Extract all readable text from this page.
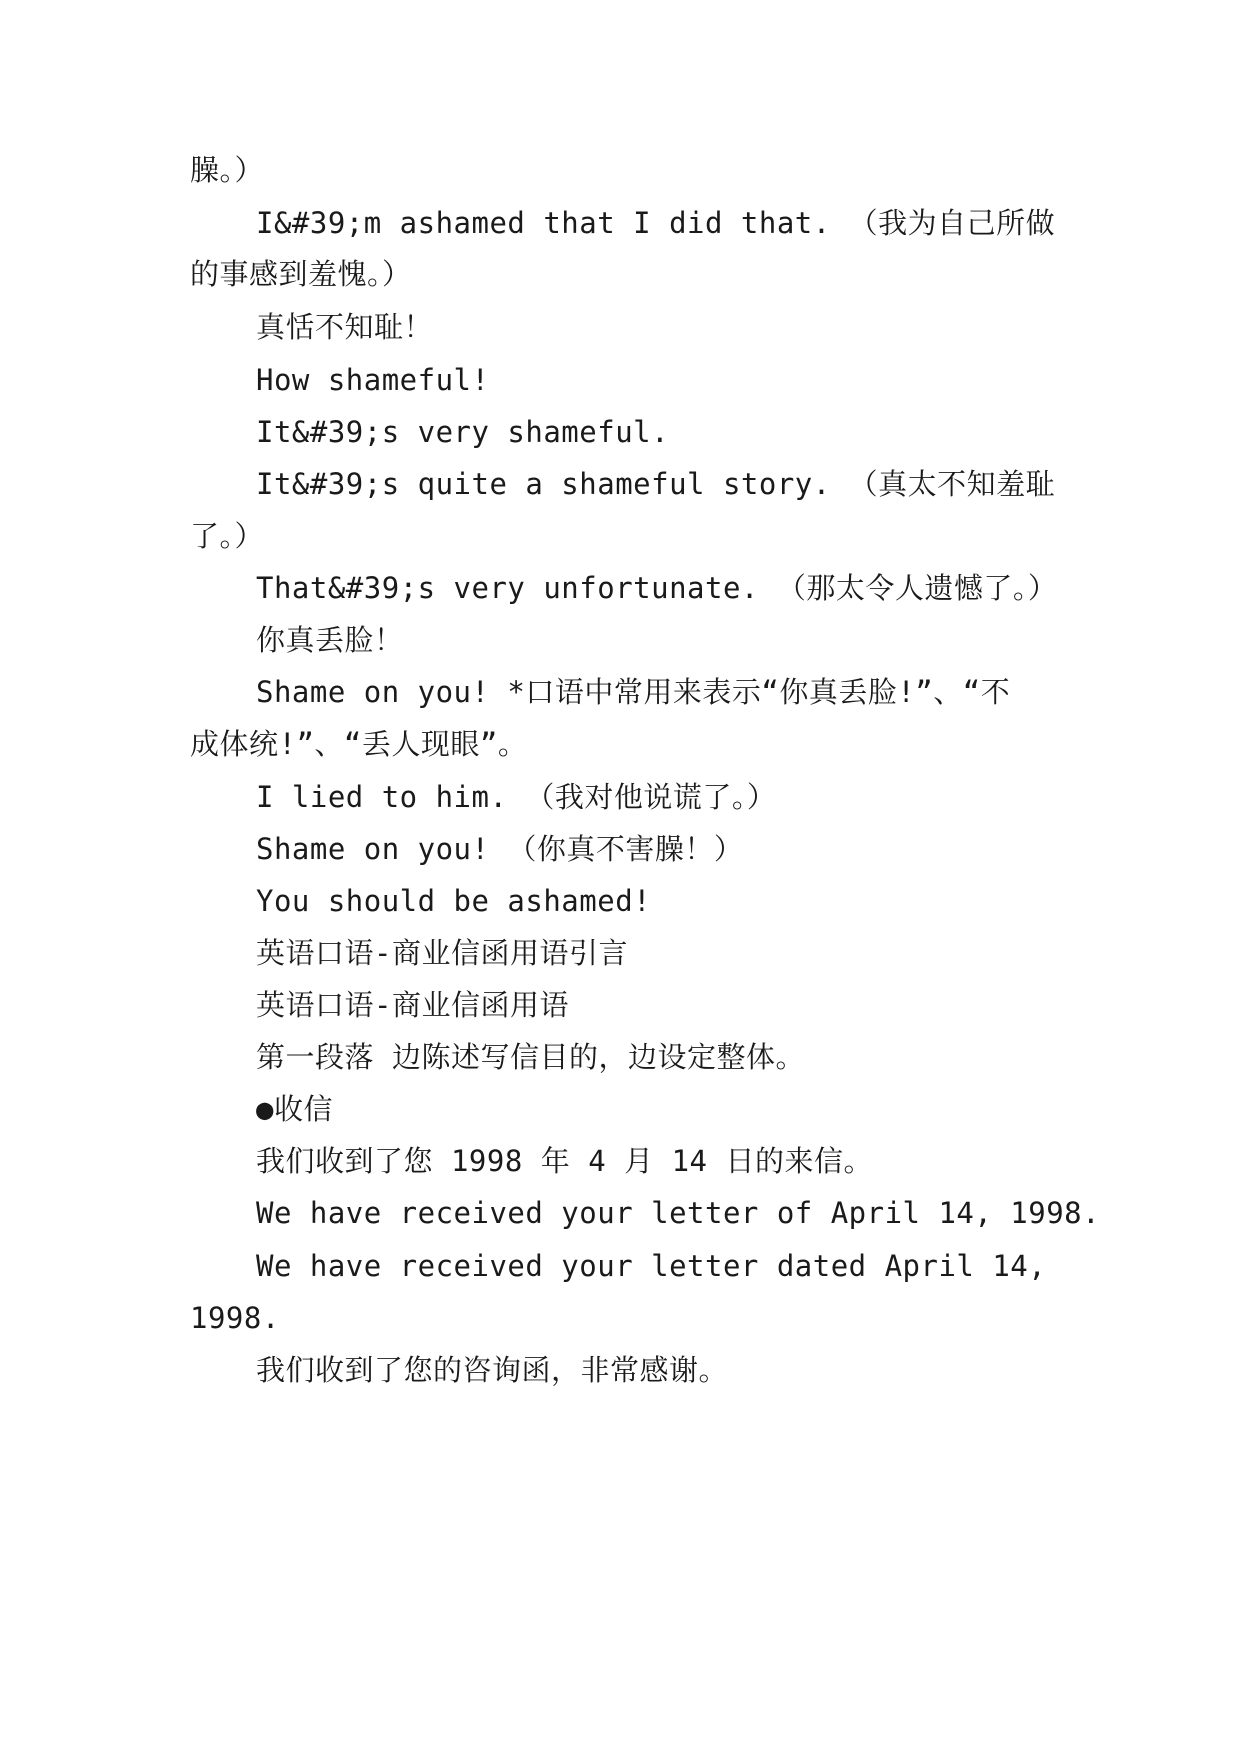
臊。）
I&#39;m ashamed that I did that. （我为自己所做
的事感到羞愧。）
真恬不知耻！
How shameful!
It&#39;s very shameful.
It&#39;s quite a shameful story. （真太不知羞耻
了。）
That&#39;s very unfortunate. （那太令人遗憾了。）
你真丢脸！
Shame on you! *口语中常用来表示“你真丢脸!”、“不
成体统!”、“丢人现眼”。
I lied to him. （我对他说谎了。）
Shame on you! （你真不害臊！）
You should be ashamed!
英语口语-商业信函用语引言
英语口语-商业信函用语
第一段落 边陈述写信目的，边设定整体。
●收信
我们收到了您 1998 年 4 月 14 日的来信。
We have received your letter of April 14, 1998.
We have received your letter dated April 14,
1998.
我们收到了您的咨询函，非常感谢。
